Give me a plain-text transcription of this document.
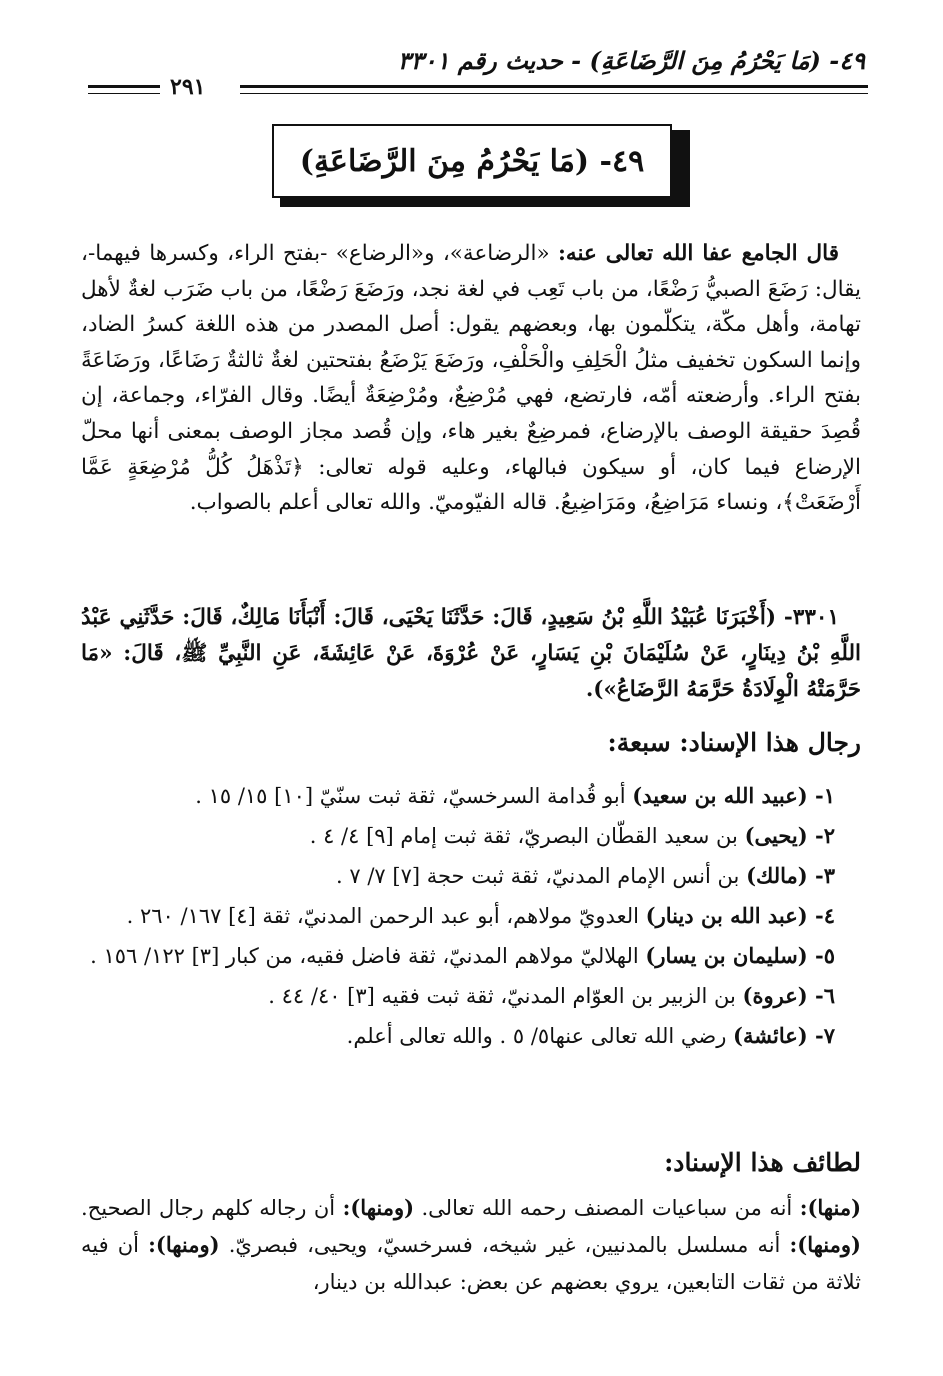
٤٩- (مَا يَحْرُمُ مِنَ الرَّضَاعَةِ) - حديث رقم ٣٣٠١
٢٩١
٤٩- (مَا يَحْرُمُ مِنَ الرَّضَاعَةِ)

قال الجامع عفا الله تعالى عنه: «الرضاعة»، و«الرضاع» -بفتح الراء، وكسرها فيهما-، يقال: رَضَعَ الصبيُّ رَضْعًا، من باب تَعِب في لغة نجد، ورَضَعَ رَضْعًا، من باب ضَرَب لغةٌ لأهل تهامة، وأهل مكّة، يتكلّمون بها، وبعضهم يقول: أصل المصدر من هذه اللغة كسرُ الضاد، وإنما السكون تخفيف مثلُ الْحَلِفِ والْحَلْفِ، ورَضَعَ يَرْضَعُ بفتحتين لغةٌ ثالثةٌ رَضَاعًا، ورَضَاعَةً بفتح الراء. وأرضعته أمّه، فارتضع، فهي مُرْضِعٌ، ومُرْضِعَةٌ أيضًا. وقال الفرّاء، وجماعة، إن قُصِدَ حقيقة الوصف بالإرضاع، فمرضِعٌ بغير هاء، وإن قُصد مجاز الوصف بمعنى أنها محلّ الإرضاع فيما كان، أو سيكون فبالهاء، وعليه قوله تعالى: ﴿تَذْهَلُ كُلُّ مُرْضِعَةٍ عَمَّا أَرْضَعَتْ﴾، ونساء مَرَاضِعُ، ومَرَاضِيعُ. قاله الفيّوميّ. والله تعالى أعلم بالصواب.

٣٣٠١- (أَخْبَرَنَا عُبَيْدُ اللَّهِ بْنُ سَعِيدٍ، قَالَ: حَدَّثَنَا يَحْيَى، قَالَ: أَنْبَأَنَا مَالِكٌ، قَالَ: حَدَّثَنِي عَبْدُ اللَّهِ بْنُ دِينَارٍ، عَنْ سُلَيْمَانَ بْنِ يَسَارٍ، عَنْ عُرْوَةَ، عَنْ عَائِشَةَ، عَنِ النَّبِيِّ ﷺ، قَالَ: «مَا حَرَّمَتْهُ الْوِلَادَةُ حَرَّمَهُ الرَّضَاعُ»).

رجال هذا الإسناد: سبعة:

١- (عبيد الله بن سعيد) أبو قُدامة السرخسيّ، ثقة ثبت سنّيّ [١٠] ١٥/ ١٥ .

٢- (يحيى) بن سعيد القطّان البصريّ، ثقة ثبت إمام [٩] ٤/ ٤ .

٣- (مالك) بن أنس الإمام المدنيّ، ثقة ثبت حجة [٧] ٧/ ٧ .

٤- (عبد الله بن دينار) العدويّ مولاهم، أبو عبد الرحمن المدنيّ، ثقة [٤] ١٦٧/ ٢٦٠ .

٥- (سليمان بن يسار) الهلاليّ مولاهم المدنيّ، ثقة فاضل فقيه، من كبار [٣] ١٢٢/ ١٥٦ .

٦- (عروة) بن الزبير بن العوّام المدنيّ، ثقة ثبت فقيه [٣] ٤٠/ ٤٤ .

٧- (عائشة) رضي الله تعالى عنها٥/ ٥ . والله تعالى أعلم.

لطائف هذا الإسناد:

(منها): أنه من سباعيات المصنف رحمه الله تعالى. (ومنها): أن رجاله كلهم رجال الصحيح. (ومنها): أنه مسلسل بالمدنيين، غير شيخه، فسرخسيّ، ويحيى، فبصريّ. (ومنها): أن فيه ثلاثة من ثقات التابعين، يروي بعضهم عن بعض: عبدالله بن دينار،
